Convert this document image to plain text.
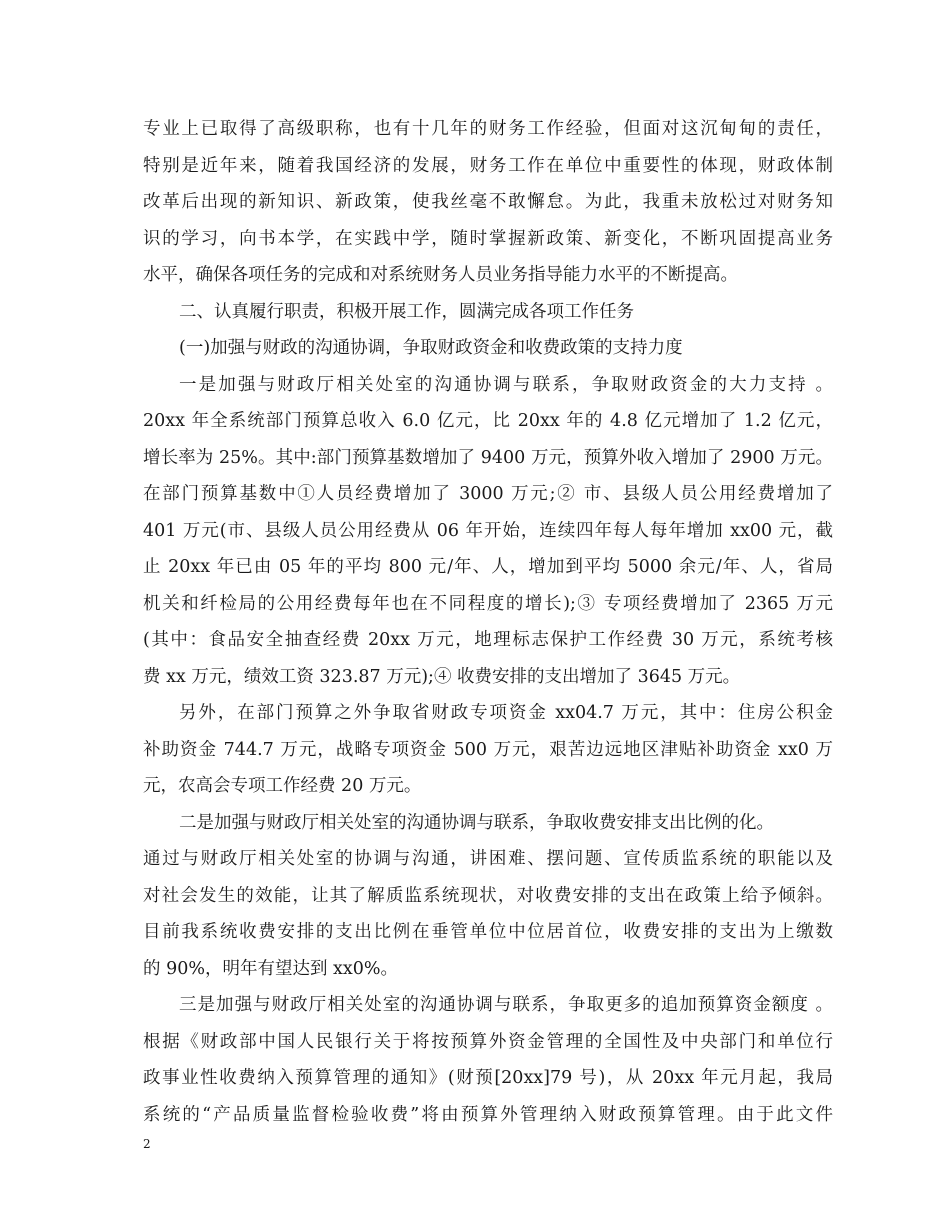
专业上已取得了高级职称，也有十几年的财务工作经验，但面对这沉甸甸的责任，
特别是近年来，随着我国经济的发展，财务工作在单位中重要性的体现，财政体制
改革后出现的新知识、新政策，使我丝毫不敢懈怠。为此，我重未放松过对财务知
识的学习，向书本学，在实践中学，随时掌握新政策、新变化，不断巩固提高业务
水平，确保各项任务的完成和对系统财务人员业务指导能力水平的不断提高。
二、认真履行职责，积极开展工作，圆满完成各项工作任务
(一)加强与财政的沟通协调，争取财政资金和收费政策的支持力度
一是加强与财政厅相关处室的沟通协调与联系，争取财政资金的大力支持 。
20xx 年全系统部门预算总收入 6.0 亿元，比 20xx 年的 4.8 亿元增加了 1.2 亿元，
增长率为 25%。其中:部门预算基数增加了 9400 万元，预算外收入增加了 2900 万元。
在部门预算基数中①人员经费增加了 3000 万元;② 市、县级人员公用经费增加了
401 万元(市、县级人员公用经费从 06 年开始，连续四年每人每年增加 xx00 元，截
止 20xx 年已由 05 年的平均 800 元/年、人，增加到平均 5000 余元/年、人，省局
机关和纤检局的公用经费每年也在不同程度的增长);③ 专项经费增加了 2365 万元
(其中：食品安全抽查经费 20xx 万元，地理标志保护工作经费 30 万元，系统考核
费 xx 万元，绩效工资 323.87 万元);④ 收费安排的支出增加了 3645 万元。
另外，在部门预算之外争取省财政专项资金 xx04.7 万元，其中：住房公积金
补助资金 744.7 万元，战略专项资金 500 万元，艰苦边远地区津贴补助资金 xx0 万
元，农高会专项工作经费 20 万元。
二是加强与财政厅相关处室的沟通协调与联系，争取收费安排支出比例的化。
通过与财政厅相关处室的协调与沟通，讲困难、摆问题、宣传质监系统的职能以及
对社会发生的效能，让其了解质监系统现状，对收费安排的支出在政策上给予倾斜。
目前我系统收费安排的支出比例在垂管单位中位居首位，收费安排的支出为上缴数
的 90%，明年有望达到 xx0%。
三是加强与财政厅相关处室的沟通协调与联系，争取更多的追加预算资金额度 。
根据《财政部中国人民银行关于将按预算外资金管理的全国性及中央部门和单位行
政事业性收费纳入预算管理的通知》(财预[20xx]79 号)，从 20xx 年元月起，我局
系统的“产品质量监督检验收费”将由预算外管理纳入财政预算管理。由于此文件
2
